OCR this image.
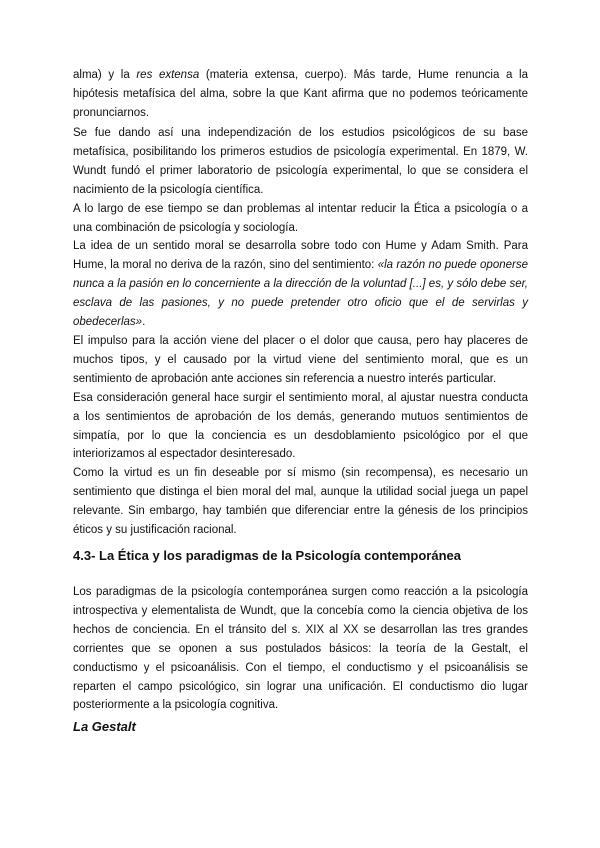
alma) y la res extensa (materia extensa, cuerpo). Más tarde, Hume renuncia a la hipótesis metafísica del alma, sobre la que Kant afirma que no podemos teóricamente pronunciarnos.

Se fue dando así una independización de los estudios psicológicos de su base metafísica, posibilitando los primeros estudios de psicología experimental. En 1879, W. Wundt fundó el primer laboratorio de psicología experimental, lo que se considera el nacimiento de la psicología científica.

A lo largo de ese tiempo se dan problemas al intentar reducir la Ética a psicología o a una combinación de psicología y sociología.

La idea de un sentido moral se desarrolla sobre todo con Hume y Adam Smith. Para Hume, la moral no deriva de la razón, sino del sentimiento: «la razón no puede oponerse nunca a la pasión en lo concerniente a la dirección de la voluntad [...] es, y sólo debe ser, esclava de las pasiones, y no puede pretender otro oficio que el de servirlas y obedecerlas».

El impulso para la acción viene del placer o el dolor que causa, pero hay placeres de muchos tipos, y el causado por la virtud viene del sentimiento moral, que es un sentimiento de aprobación ante acciones sin referencia a nuestro interés particular.

Esa consideración general hace surgir el sentimiento moral, al ajustar nuestra conducta a los sentimientos de aprobación de los demás, generando mutuos sentimientos de simpatía, por lo que la conciencia es un desdoblamiento psicológico por el que interiorizamos al espectador desinteresado.

Como la virtud es un fin deseable por sí mismo (sin recompensa), es necesario un sentimiento que distinga el bien moral del mal, aunque la utilidad social juega un papel relevante. Sin embargo, hay también que diferenciar entre la génesis de los principios éticos y su justificación racional.

4.3- La Ética y los paradigmas de la Psicología contemporánea

Los paradigmas de la psicología contemporánea surgen como reacción a la psicología introspectiva y elementalista de Wundt, que la concebía como la ciencia objetiva de los hechos de conciencia. En el tránsito del s. XIX al XX se desarrollan las tres grandes corrientes que se oponen a sus postulados básicos: la teoría de la Gestalt, el conductismo y el psicoanálisis. Con el tiempo, el conductismo y el psicoanálisis se reparten el campo psicológico, sin lograr una unificación. El conductismo dio lugar posteriormente a la psicología cognitiva.

La Gestalt
